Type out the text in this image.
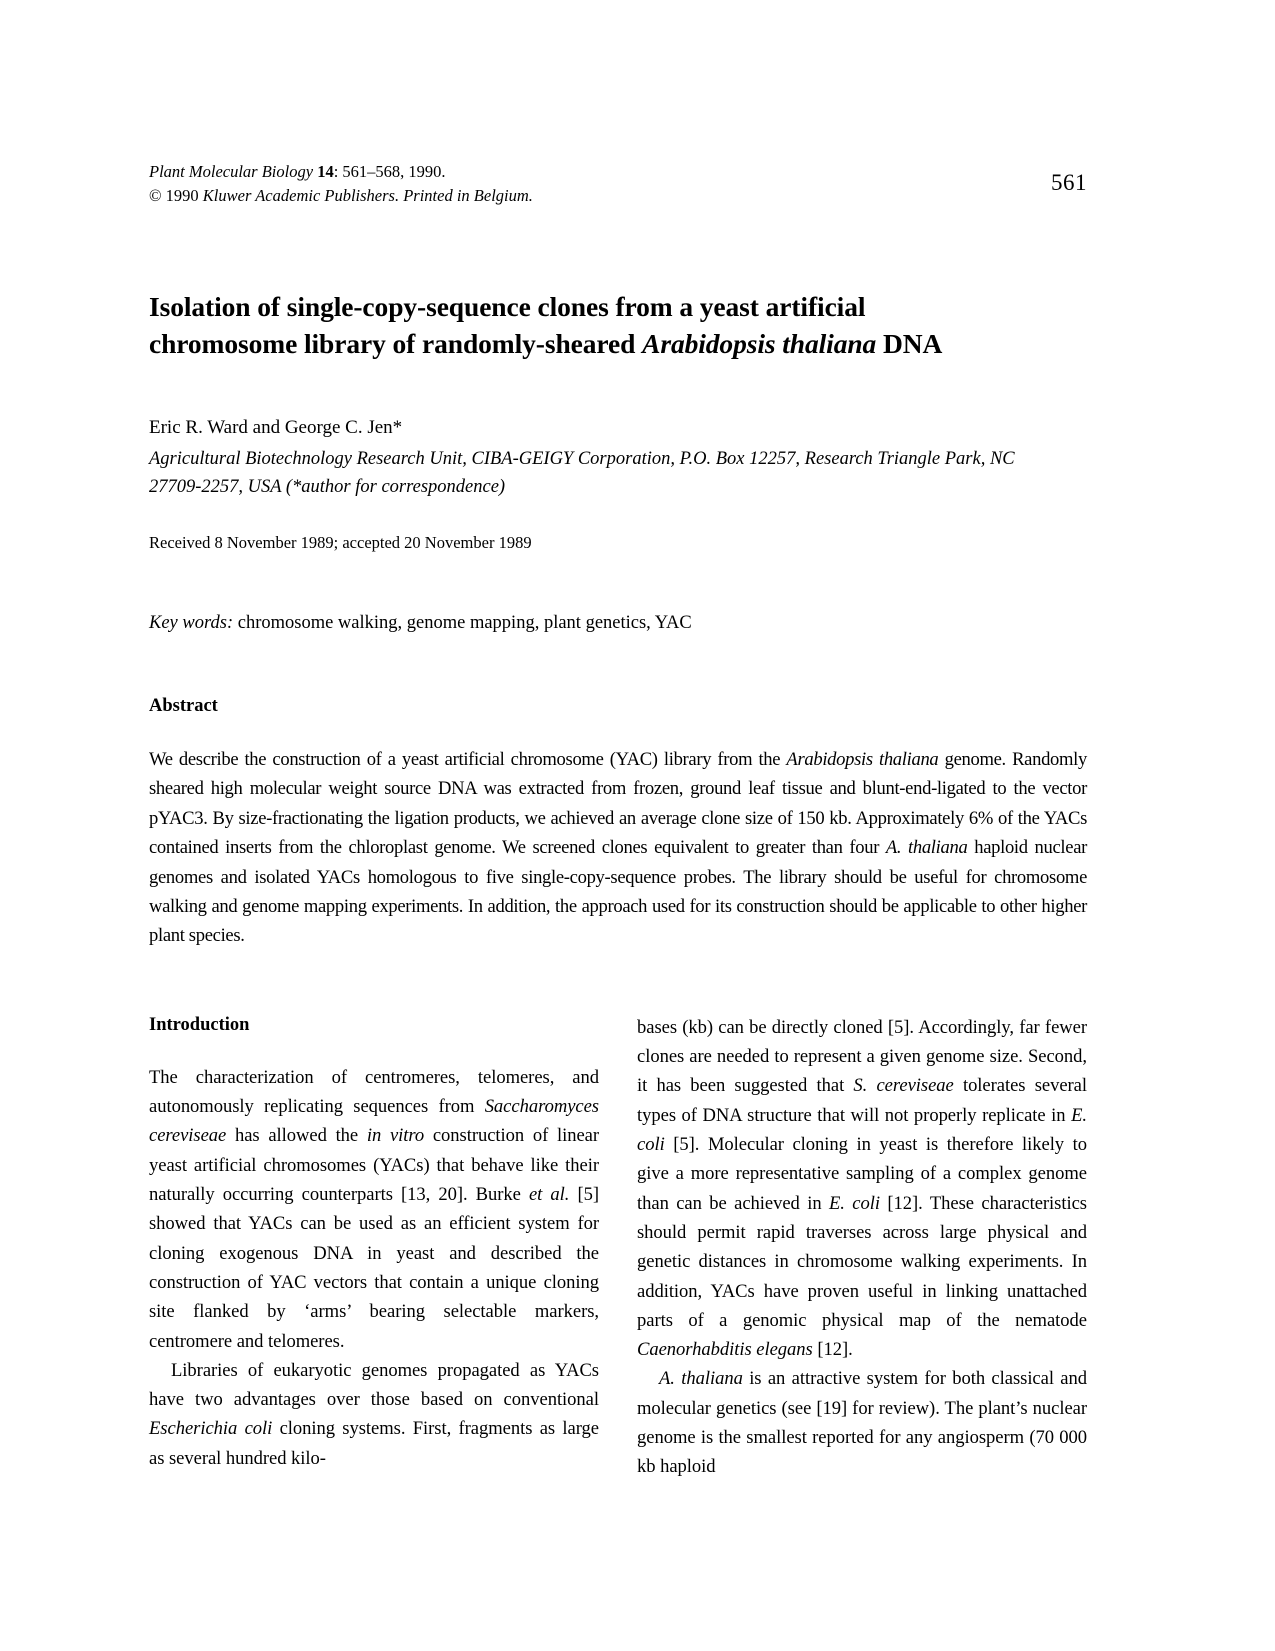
Plant Molecular Biology 14: 561–568, 1990.
© 1990 Kluwer Academic Publishers. Printed in Belgium.
561
Isolation of single-copy-sequence clones from a yeast artificial
chromosome library of randomly-sheared Arabidopsis thaliana DNA
Eric R. Ward and George C. Jen*
Agricultural Biotechnology Research Unit, CIBA-GEIGY Corporation, P.O. Box 12257, Research Triangle Park, NC 27709-2257, USA (*author for correspondence)
Received 8 November 1989; accepted 20 November 1989
Key words: chromosome walking, genome mapping, plant genetics, YAC
Abstract

We describe the construction of a yeast artificial chromosome (YAC) library from the Arabidopsis thaliana genome. Randomly sheared high molecular weight source DNA was extracted from frozen, ground leaf tissue and blunt-end-ligated to the vector pYAC3. By size-fractionating the ligation products, we achieved an average clone size of 150 kb. Approximately 6% of the YACs contained inserts from the chloroplast genome. We screened clones equivalent to greater than four A. thaliana haploid nuclear genomes and isolated YACs homologous to five single-copy-sequence probes. The library should be useful for chromosome walking and genome mapping experiments. In addition, the approach used for its construction should be applicable to other higher plant species.

Introduction

The characterization of centromeres, telomeres, and autonomously replicating sequences from Saccharomyces cereviseae has allowed the in vitro construction of linear yeast artificial chromosomes (YACs) that behave like their naturally occurring counterparts [13, 20]. Burke et al. [5] showed that YACs can be used as an efficient system for cloning exogenous DNA in yeast and described the construction of YAC vectors that contain a unique cloning site flanked by ‘arms’ bearing selectable markers, centromere and telomeres.

Libraries of eukaryotic genomes propagated as YACs have two advantages over those based on conventional Escherichia coli cloning systems. First, fragments as large as several hundred kilo-

bases (kb) can be directly cloned [5]. Accordingly, far fewer clones are needed to represent a given genome size. Second, it has been suggested that S. cereviseae tolerates several types of DNA structure that will not properly replicate in E. coli [5]. Molecular cloning in yeast is therefore likely to give a more representative sampling of a complex genome than can be achieved in E. coli [12]. These characteristics should permit rapid traverses across large physical and genetic distances in chromosome walking experiments. In addition, YACs have proven useful in linking unattached parts of a genomic physical map of the nematode Caenorhabditis elegans [12].

A. thaliana is an attractive system for both classical and molecular genetics (see [19] for review). The plant’s nuclear genome is the smallest reported for any angiosperm (70 000 kb haploid
